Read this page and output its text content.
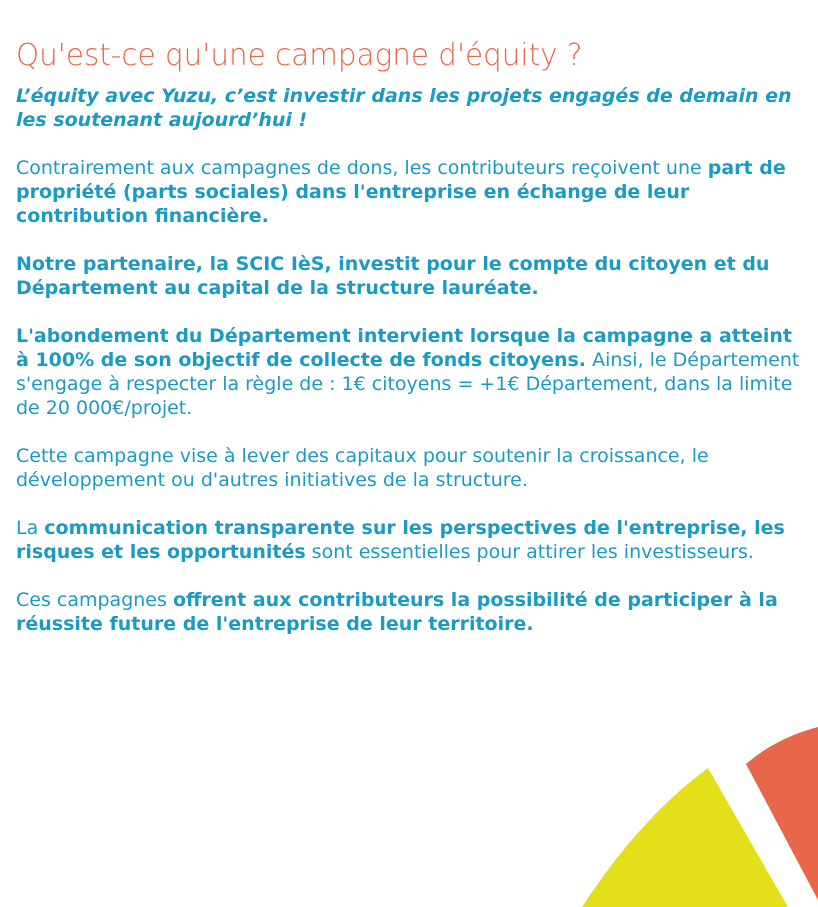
Qu'est-ce qu'une campagne d'équity ?

L’équity avec Yuzu, c’est investir dans les projets engagés de demain en les soutenant aujourd’hui !

Contrairement aux campagnes de dons, les contributeurs reçoivent une part de propriété (parts sociales) dans l'entreprise en échange de leur contribution financière.

Notre partenaire, la SCIC IèS, investit pour le compte du citoyen et du Département au capital de la structure lauréate.

L'abondement du Département intervient lorsque la campagne a atteint à 100% de son objectif de collecte de fonds citoyens. Ainsi, le Département s'engage à respecter la règle de : 1€ citoyens = +1€ Département, dans la limite de 20 000€/projet.

Cette campagne vise à lever des capitaux pour soutenir la croissance, le développement ou d'autres initiatives de la structure.

La communication transparente sur les perspectives de l'entreprise, les risques et les opportunités sont essentielles pour attirer les investisseurs.

Ces campagnes offrent aux contributeurs la possibilité de participer à la réussite future de l'entreprise de leur territoire.
